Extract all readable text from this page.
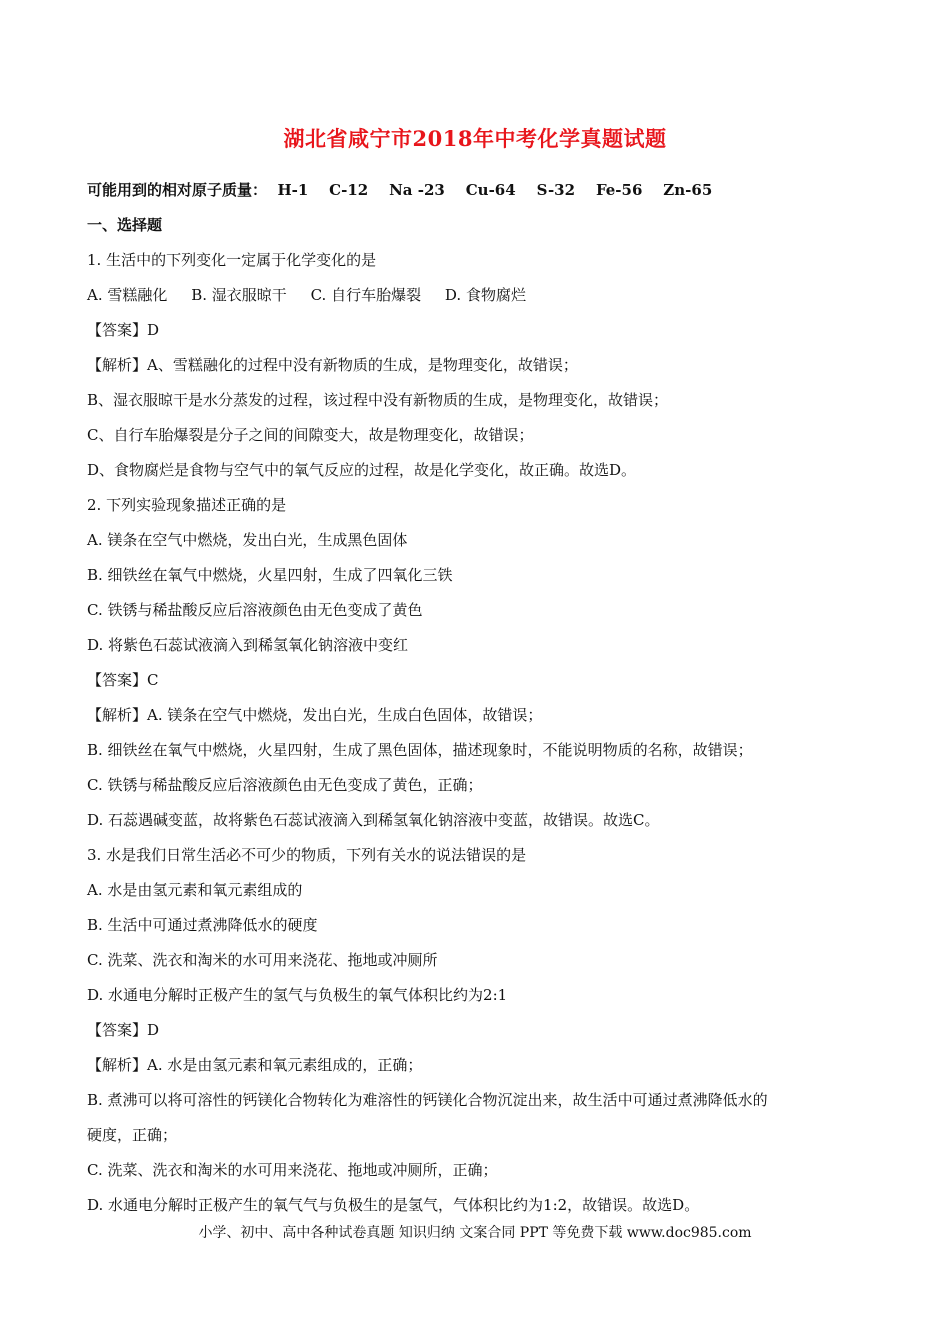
湖北省咸宁市2018年中考化学真题试题
可能用到的相对原子质量：  H-1    C-12    Na -23    Cu-64    S-32    Fe-56    Zn-65
一、选择题
1. 生活中的下列变化一定属于化学变化的是
A. 雪糕融化     B. 湿衣服晾干     C. 自行车胎爆裂     D. 食物腐烂
【答案】D
【解析】A、雪糕融化的过程中没有新物质的生成，是物理变化，故错误；
B、湿衣服晾干是水分蒸发的过程，该过程中没有新物质的生成，是物理变化，故错误；
C、自行车胎爆裂是分子之间的间隙变大，故是物理变化，故错误；
D、食物腐烂是食物与空气中的氧气反应的过程，故是化学变化，故正确。故选D。
2. 下列实验现象描述正确的是
A. 镁条在空气中燃烧，发出白光，生成黑色固体
B. 细铁丝在氧气中燃烧，火星四射，生成了四氧化三铁
C. 铁锈与稀盐酸反应后溶液颜色由无色变成了黄色
D. 将紫色石蕊试液滴入到稀氢氧化钠溶液中变红
【答案】C
【解析】A. 镁条在空气中燃烧，发出白光，生成白色固体，故错误；
B. 细铁丝在氧气中燃烧，火星四射，生成了黑色固体，描述现象时，不能说明物质的名称，故错误；
C. 铁锈与稀盐酸反应后溶液颜色由无色变成了黄色，正确；
D. 石蕊遇碱变蓝，故将紫色石蕊试液滴入到稀氢氧化钠溶液中变蓝，故错误。故选C。
3. 水是我们日常生活必不可少的物质，下列有关水的说法错误的是
A. 水是由氢元素和氧元素组成的
B. 生活中可通过煮沸降低水的硬度
C. 洗菜、洗衣和淘米的水可用来浇花、拖地或冲厕所
D. 水通电分解时正极产生的氢气与负极生的氧气体积比约为2:1
【答案】D
【解析】A. 水是由氢元素和氧元素组成的，正确；
B. 煮沸可以将可溶性的钙镁化合物转化为难溶性的钙镁化合物沉淀出来，故生活中可通过煮沸降低水的
硬度，正确；
C. 洗菜、洗衣和淘米的水可用来浇花、拖地或冲厕所，正确；
D. 水通电分解时正极产生的氧气气与负极生的是氢气，气体积比约为1:2，故错误。故选D。
小学、初中、高中各种试卷真题 知识归纳 文案合同 PPT 等免费下载 www.doc985.com
